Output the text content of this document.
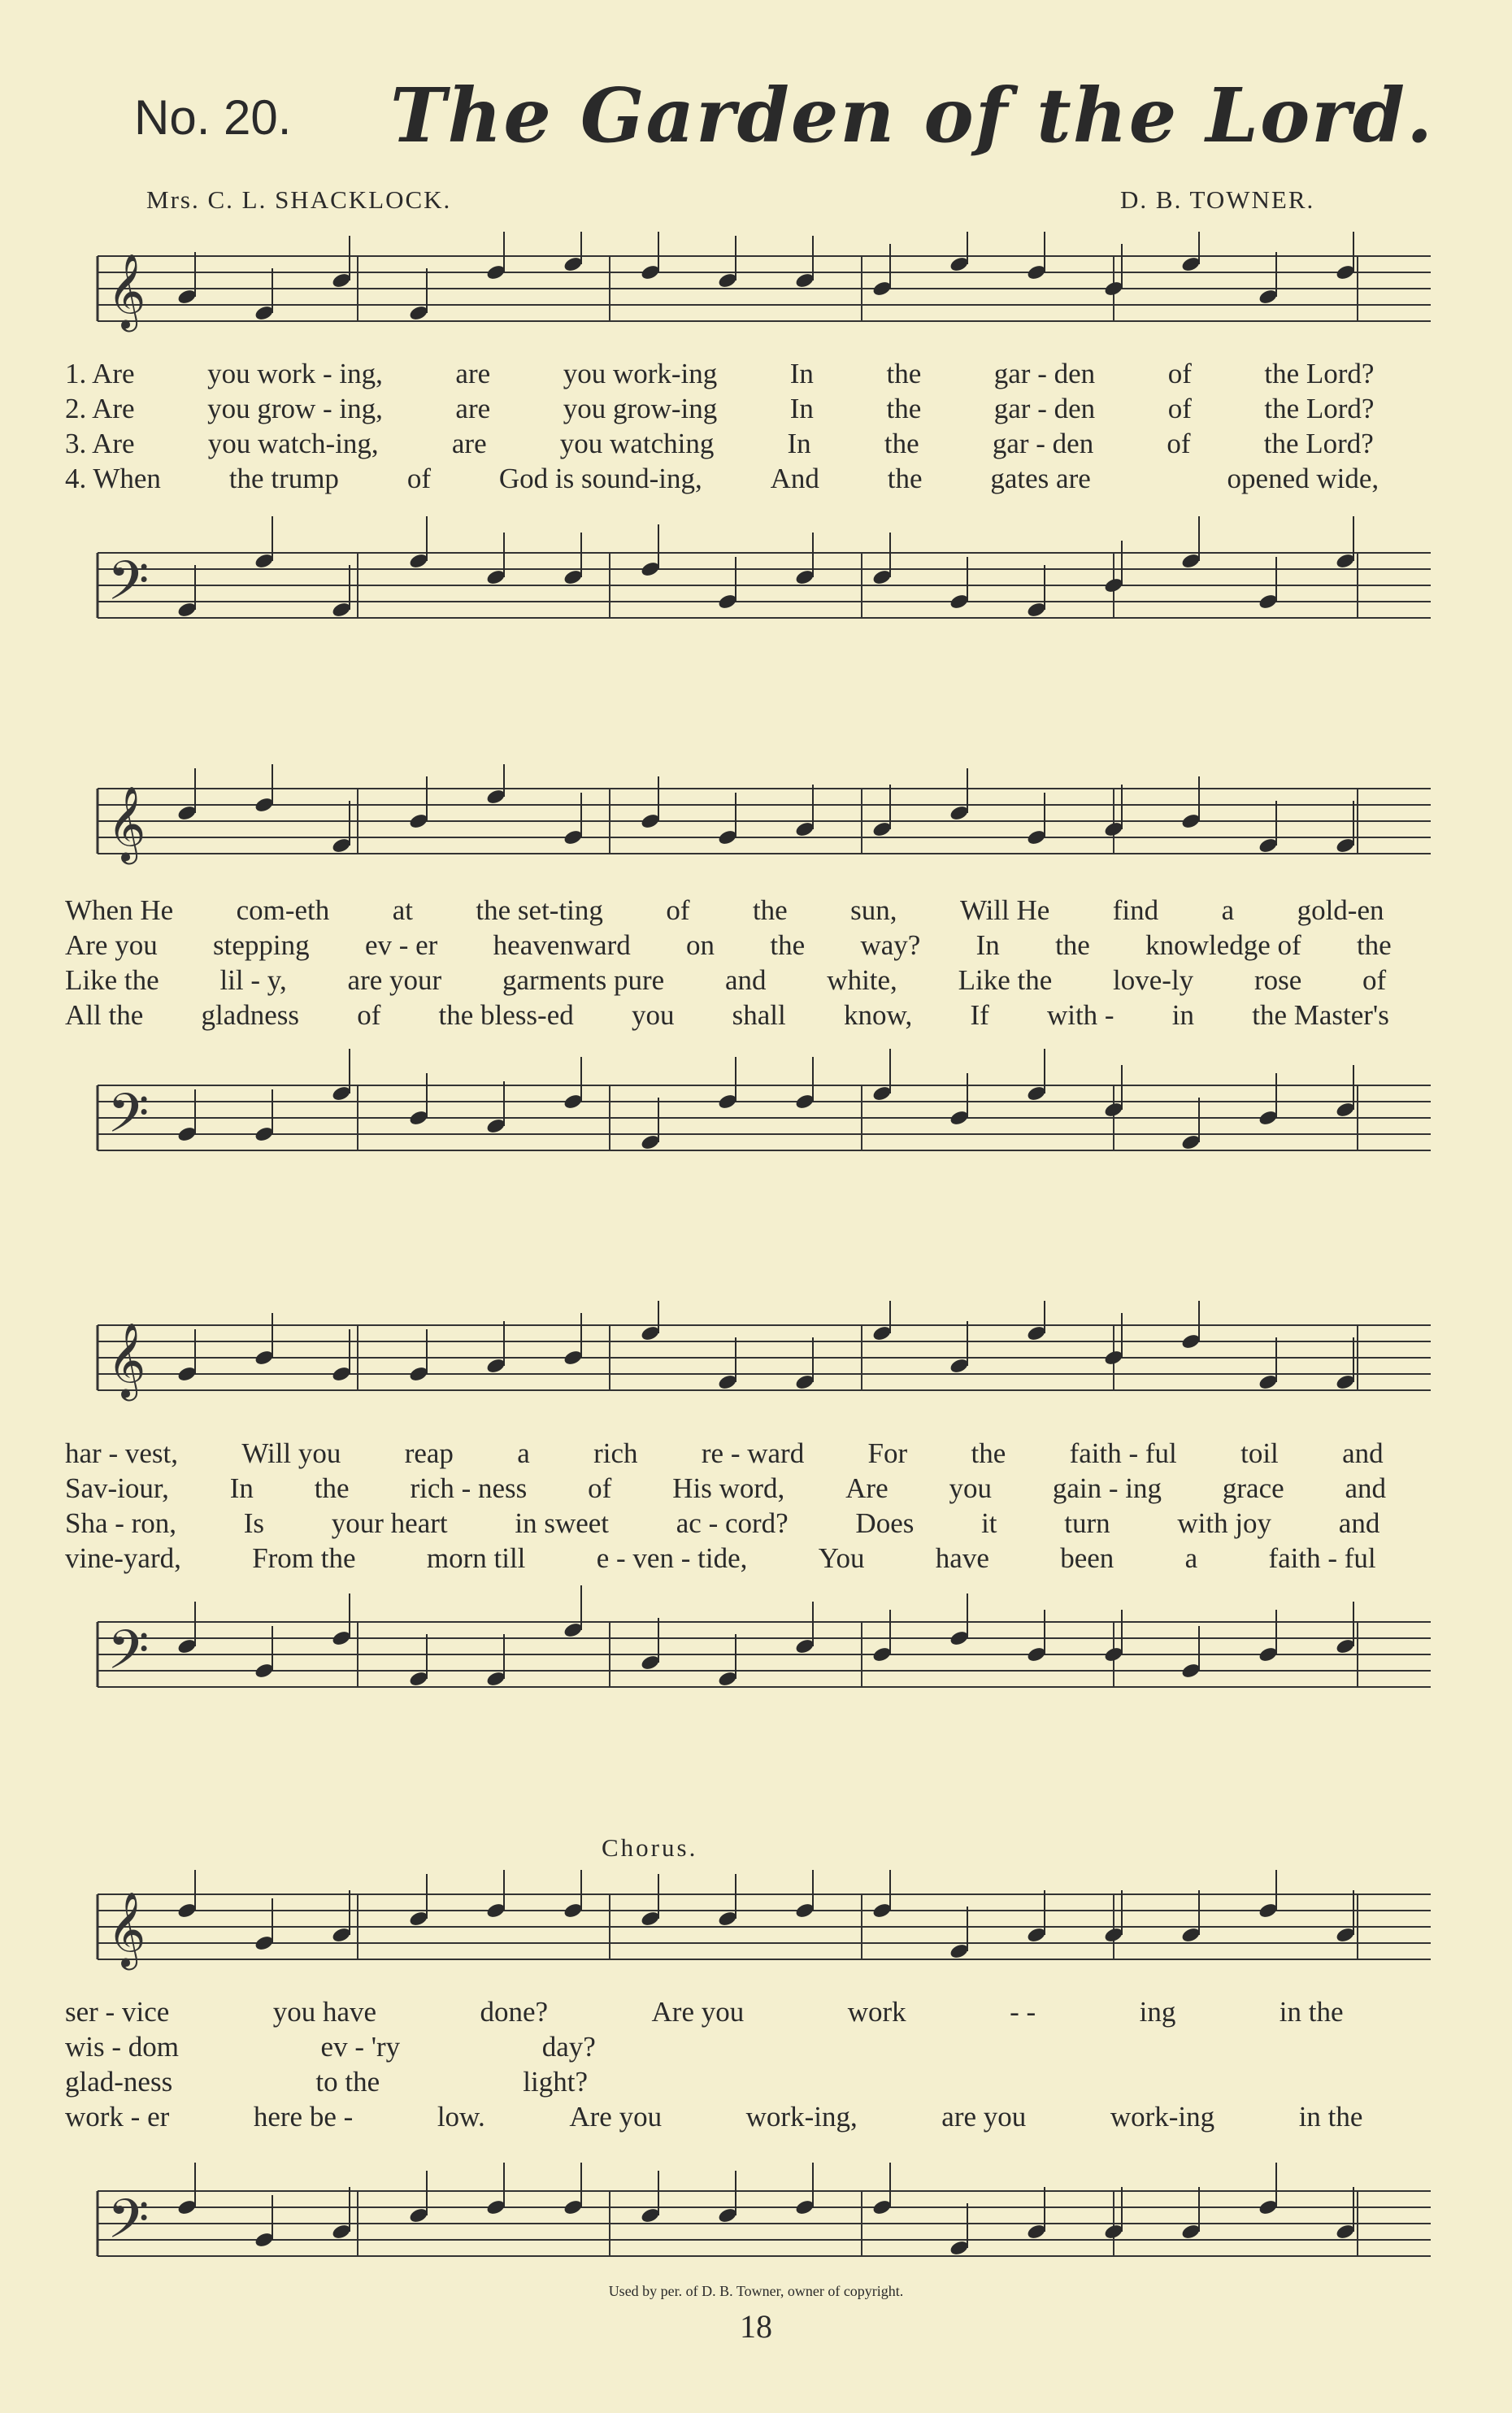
No. 20. The Garden of the Lord.
Mrs. C. L. SHACKLOCK.	D. B. TOWNER.
𝄞
𝄢
1. Are	you work - ing,	are	you work-ing	In	the	gar - den	of	the Lord?
2. Are	you grow - ing,	are	you grow-ing	In	the	gar - den	of	the Lord?
3. Are	you watch-ing,	are	you watching	In	the	gar - den	of	the Lord?
4. When	the trump	of	God is sound-ing,	And	the	gates are	opened wide,
𝄞
𝄢
When He	com-eth	at	the set-ting	of	the	sun,	Will He	find	a	gold-en
Are you	stepping	ev - er	heavenward	on	the	way?	In	the	knowledge of	the
Like the	lil - y,	are your	garments pure	and	white,	Like the	love-ly	rose	of
All the	gladness	of	the bless-ed	you	shall	know,	If	with -	in	the Master's
𝄞
𝄢
har - vest,	Will you	reap	a	rich	re - ward	For	the	faith - ful	toil	and
Sav-iour,	In	the	rich - ness	of	His word,	Are	you	gain - ing	grace	and
Sha - ron,	Is	your heart	in sweet	ac - cord?	Does	it	turn	with joy	and
vine-yard,	From the	morn till	e - ven - tide,	You	have	been	a	faith - ful
Chorus.
𝄞
𝄢
ser - vice	you have	done?	Are you	work	- -	ing	in the
wis - dom	ev - 'ry	day?
glad-ness	to the	light?
work - er	here be -	low.	Are you	work-ing,	are you	work-ing	in the
Used by per. of D. B. Towner, owner of copyright.
18
